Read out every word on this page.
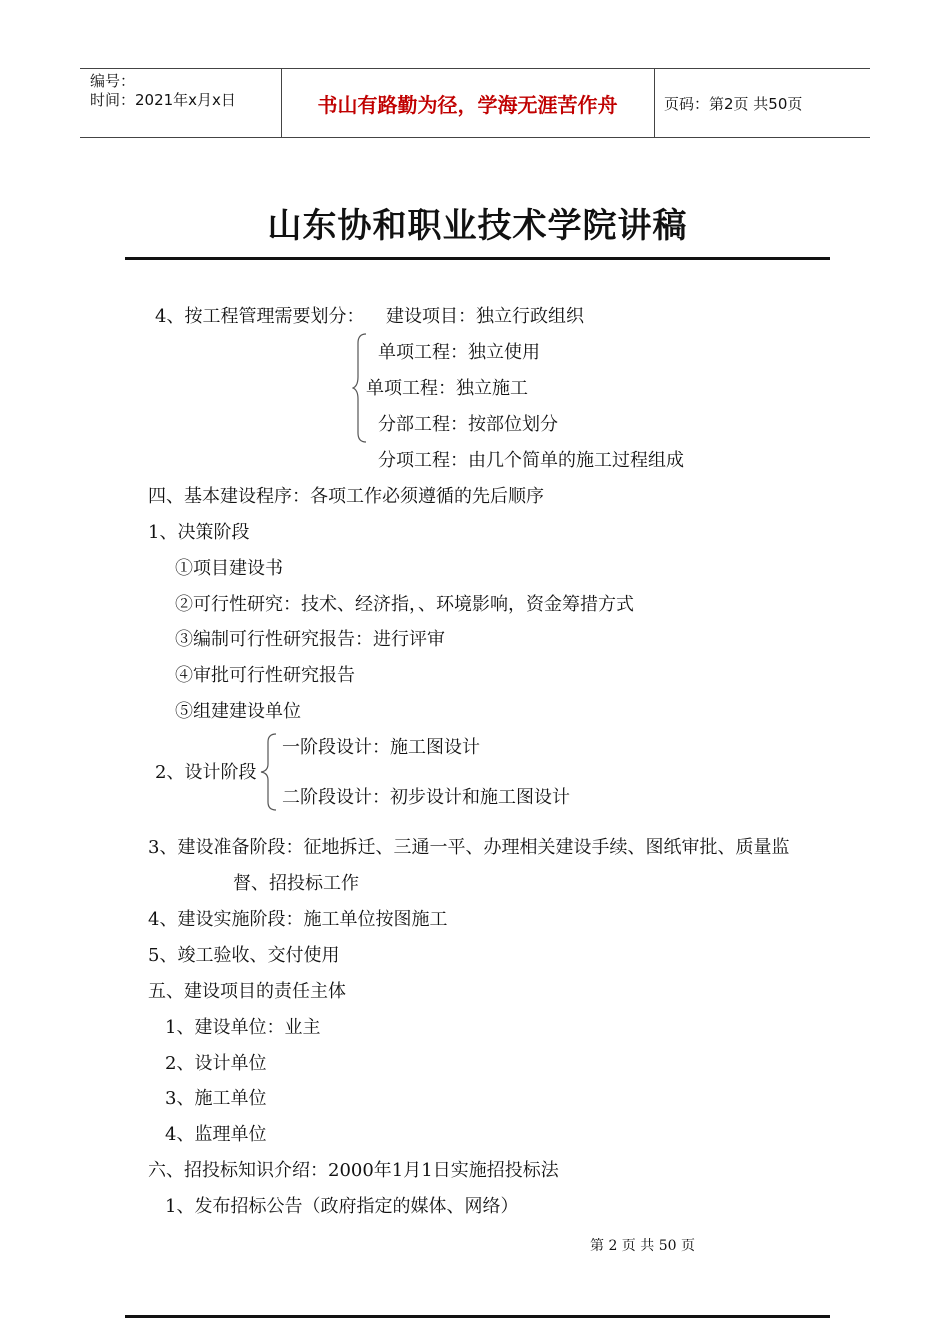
编号：
时间：2021年x月x日	书山有路勤为径，学海无涯苦作舟	页码：第2页 共50页
山东协和职业技术学院讲稿
4、按工程管理需要划分： 建设项目：独立行政组织
单项工程：独立使用
单项工程：独立施工
分部工程：按部位划分
分项工程：由几个简单的施工过程组成
四、基本建设程序：各项工作必须遵循的先后顺序
1、决策阶段
①项目建设书
②可行性研究：技术、经济指，、环境影响，资金筹措方式
③编制可行性研究报告：进行评审
④审批可行性研究报告
⑤组建建设单位
一阶段设计：施工图设计
2、设计阶段
二阶段设计：初步设计和施工图设计
3、建设准备阶段：征地拆迁、三通一平、办理相关建设手续、图纸审批、质量监
督、招投标工作
4、建设实施阶段：施工单位按图施工
5、竣工验收、交付使用
五、建设项目的责任主体
1、建设单位：业主
2、设计单位
3、施工单位
4、监理单位
六、招投标知识介绍：2000年1月1日实施招投标法
1、发布招标公告（政府指定的媒体、网络）
第 2 页 共 50 页
